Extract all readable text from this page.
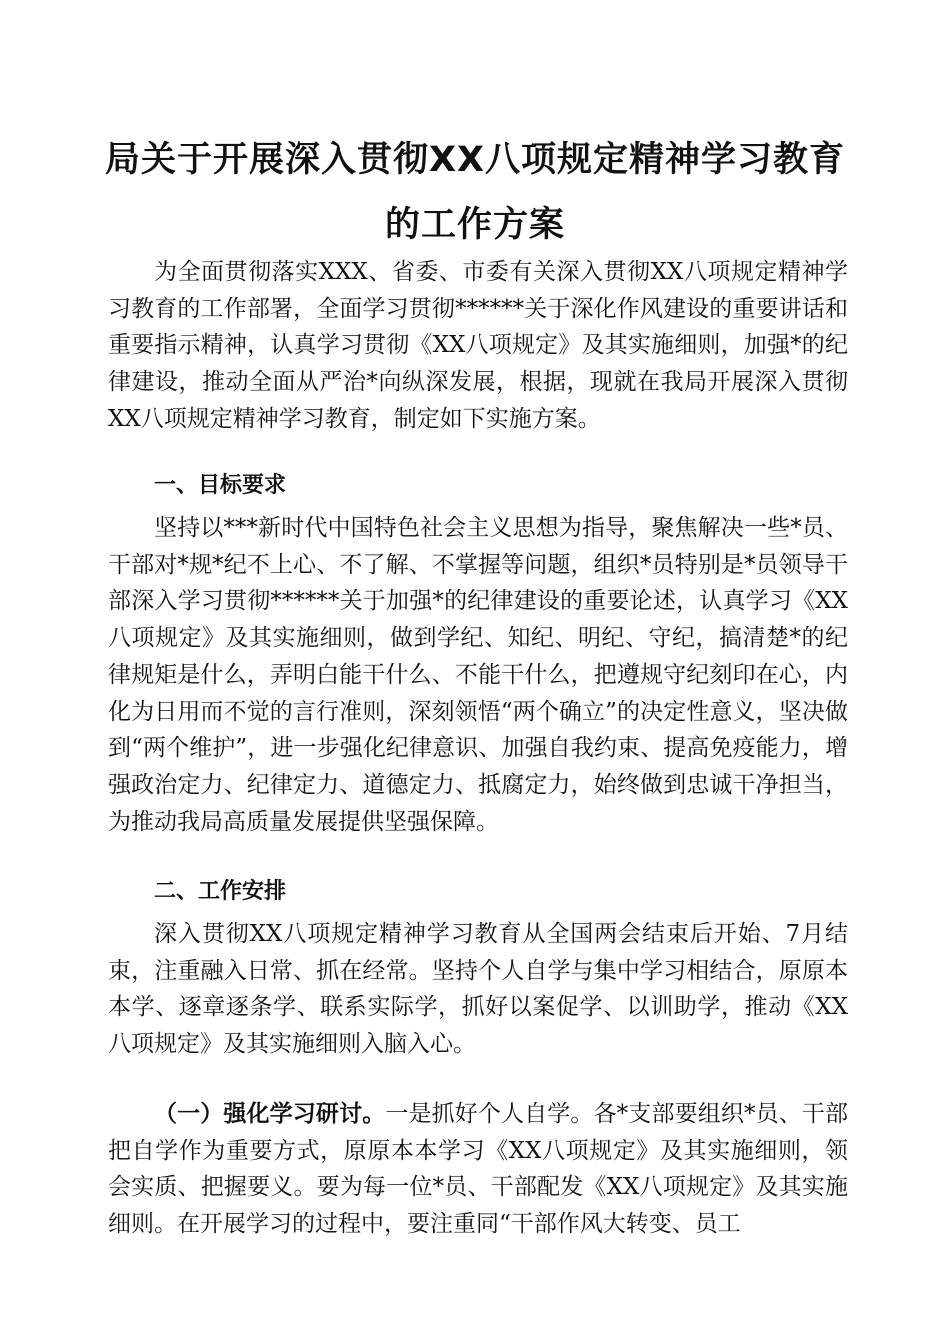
局关于开展深入贯彻XX八项规定精神学习教育
的工作方案

为全面贯彻落实XXX、省委、市委有关深入贯彻XX八项规定精神学习教育的工作部署，全面学习贯彻******关于深化作风建设的重要讲话和重要指示精神，认真学习贯彻《XX八项规定》及其实施细则，加强*的纪律建设，推动全面从严治*向纵深发展，根据，现就在我局开展深入贯彻XX八项规定精神学习教育，制定如下实施方案。

一、目标要求

坚持以***新时代中国特色社会主义思想为指导，聚焦解决一些*员、干部对*规*纪不上心、不了解、不掌握等问题，组织*员特别是*员领导干部深入学习贯彻******关于加强*的纪律建设的重要论述，认真学习《XX八项规定》及其实施细则，做到学纪、知纪、明纪、守纪，搞清楚*的纪律规矩是什么，弄明白能干什么、不能干什么，把遵规守纪刻印在心，内化为日用而不觉的言行准则，深刻领悟“两个确立”的决定性意义，坚决做到“两个维护”，进一步强化纪律意识、加强自我约束、提高免疫能力，增强政治定力、纪律定力、道德定力、抵腐定力，始终做到忠诚干净担当，为推动我局高质量发展提供坚强保障。

二、工作安排

深入贯彻XX八项规定精神学习教育从全国两会结束后开始、7月结束，注重融入日常、抓在经常。坚持个人自学与集中学习相结合，原原本本学、逐章逐条学、联系实际学，抓好以案促学、以训助学，推动《XX八项规定》及其实施细则入脑入心。

（一）强化学习研讨。一是抓好个人自学。各*支部要组织*员、干部把自学作为重要方式，原原本本学习《XX八项规定》及其实施细则，领会实质、把握要义。要为每一位*员、干部配发《XX八项规定》及其实施细则。在开展学习的过程中，要注重同“干部作风大转变、员工
